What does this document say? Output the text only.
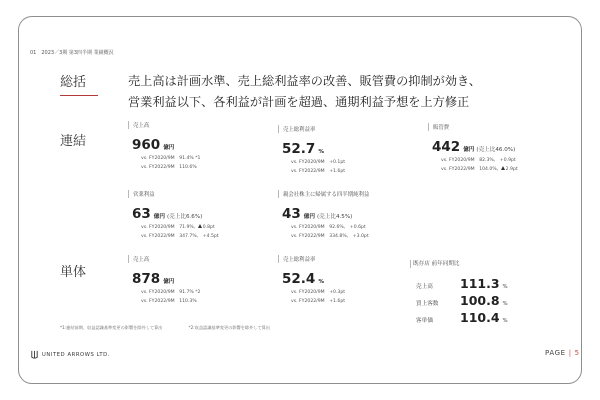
01　2023／3期 第3四半期 業績概況
総括	売上高は計画水準、売上総利益率の改善、販管費の抑制が効き、
営業利益以下、各利益が計画を超過、通期利益予想を上方修正
連結
単体
売上高
960 億円
vs. FY2020/9M　91.4% *1
vs. FY2022/9M　110.6%
売上総利益率
52.7 %
vs. FY2020/9M　+0.1pt
vs. FY2022/9M　+1.6pt
販管費
442 億円 (売上比46.0%)
vs. FY2020/9M　82.3%,　+0.9pt
vs. FY2022/9M　104.0%, 2.9pt
営業利益
63 億円 (売上比6.6%)
vs. FY2020/9M　71.9%, 0.8pt
vs. FY2022/9M　347.7%,　+4.5pt
親会社株主に帰属する四半期純利益
43 億円 (売上比4.5%)
vs. FY2020/9M　92.6%,　+0.6pt
vs. FY2022/9M　334.8%,　+3.0pt
売上高
878 億円
vs. FY2020/9M　91.7% *2
vs. FY2022/9M　110.3%
売上総利益率
52.4 %
vs. FY2020/9M　+0.3pt
vs. FY2022/9M　+1.6pt
既存店 前年同期比
売上高 111.3 %
買上客数 100.8 %
客単価 110.4 %
*1:連結前期、収益認識基準変更の影響を除外して算出	*2:収益認識基準変更の影響を除外して算出
UNITED ARROWS LTD.	PAGE | 5
